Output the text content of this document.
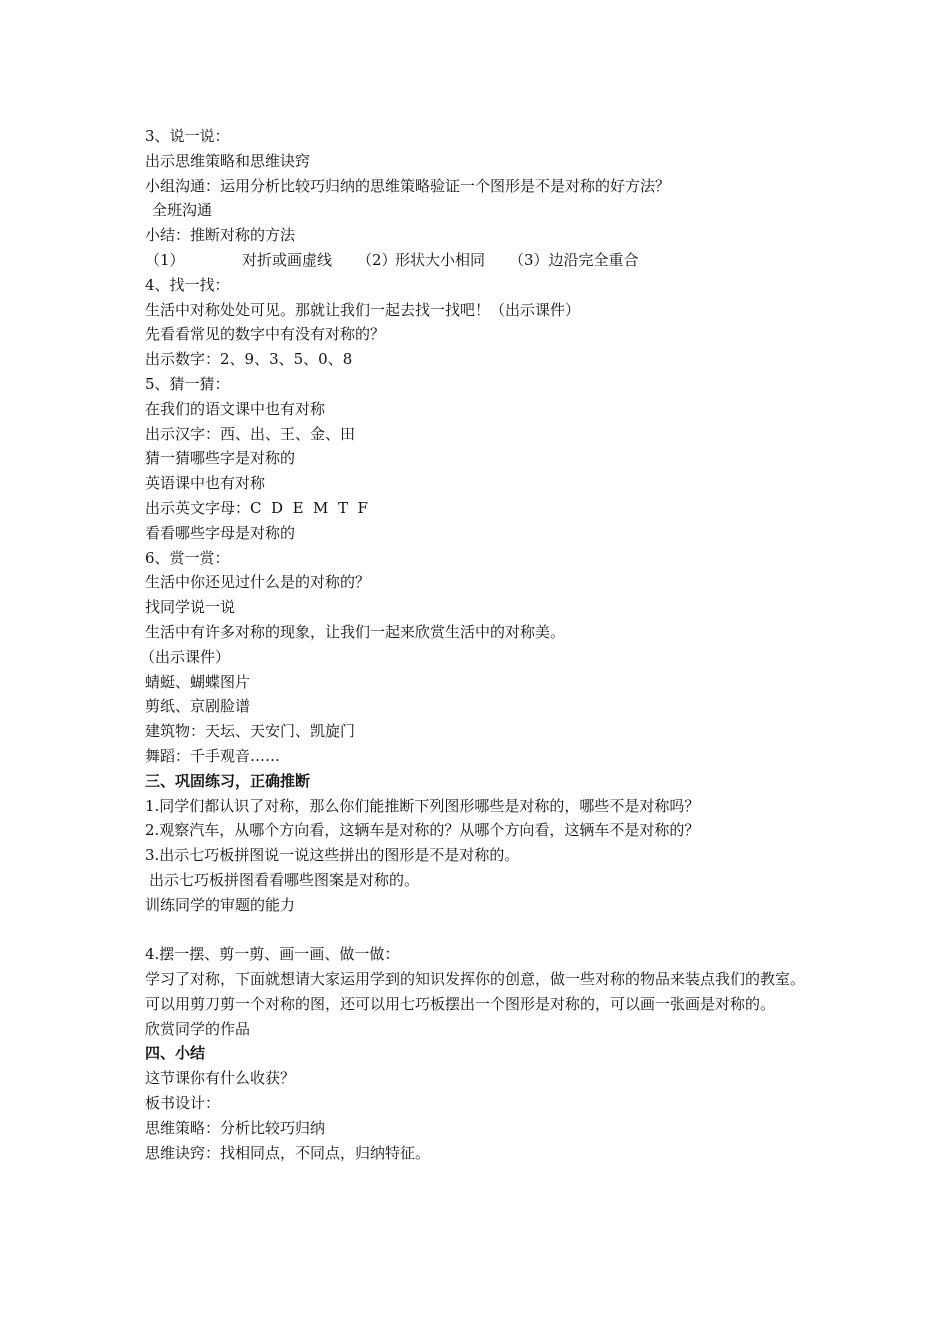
3、说一说：
出示思维策略和思维诀窍
小组沟通：运用分析比较巧归纳的思维策略验证一个图形是不是对称的好方法？
全班沟通
小结：推断对称的方法
（1）	对折或画虚线 （2）形状大小相同 （3）边沿完全重合
4、找一找：
生活中对称处处可见。那就让我们一起去找一找吧！（出示课件）
先看看常见的数字中有没有对称的？
出示数字：2、9、3、5、0、8
5、猜一猜：
在我们的语文课中也有对称
出示汉字：西、出、王、金、田
猜一猜哪些字是对称的
英语课中也有对称
出示英文字母：C  D  E  M  T  F
看看哪些字母是对称的
6、赏一赏：
生活中你还见过什么是的对称的？
找同学说一说
生活中有许多对称的现象，让我们一起来欣赏生活中的对称美。
（出示课件）
蜻蜓、蝴蝶图片
剪纸、京剧脸谱
建筑物：天坛、天安门、凯旋门
舞蹈：千手观音……
三、巩固练习，正确推断
1.同学们都认识了对称，那么你们能推断下列图形哪些是对称的，哪些不是对称吗？
2.观察汽车，从哪个方向看，这辆车是对称的？从哪个方向看，这辆车不是对称的？
3.出示七巧板拼图说一说这些拼出的图形是不是对称的。
出示七巧板拼图看看哪些图案是对称的。
训练同学的审题的能力
4.摆一摆、剪一剪、画一画、做一做：
学习了对称，下面就想请大家运用学到的知识发挥你的创意，做一些对称的物品来装点我们的教室。
可以用剪刀剪一个对称的图，还可以用七巧板摆出一个图形是对称的，可以画一张画是对称的。
欣赏同学的作品
四、小结
这节课你有什么收获？
板书设计：
思维策略：分析比较巧归纳
思维诀窍：找相同点，不同点，归纳特征。
